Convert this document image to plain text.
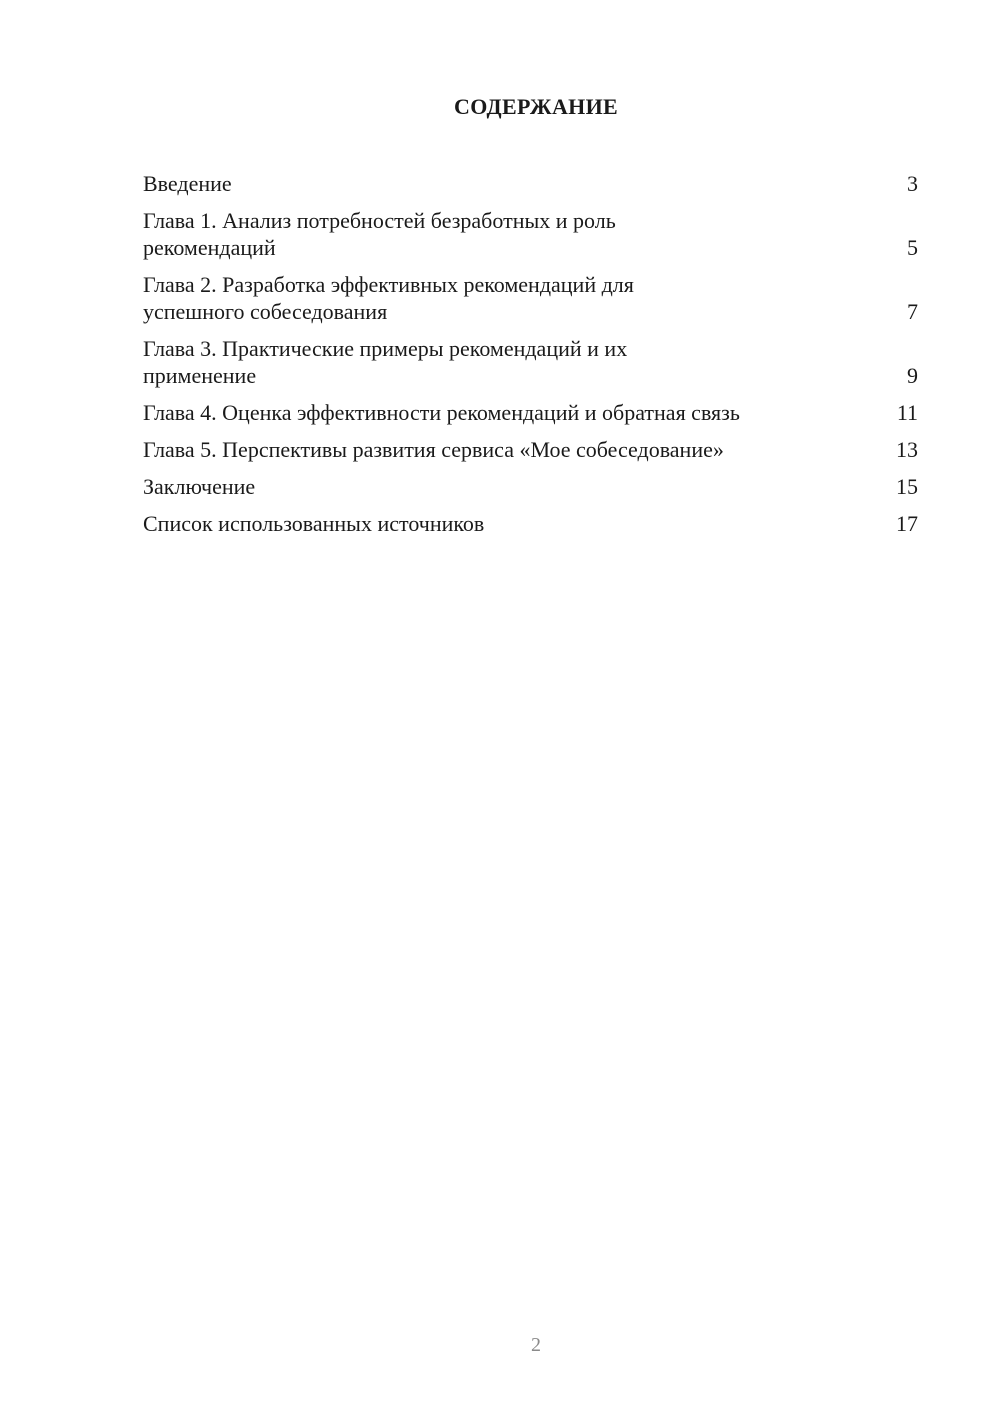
СОДЕРЖАНИЕ
Введение	3
Глава 1. Анализ потребностей безработных и роль рекомендаций	5
Глава 2. Разработка эффективных рекомендаций для успешного собеседования	7
Глава 3. Практические примеры рекомендаций и их применение	9
Глава 4. Оценка эффективности рекомендаций и обратная связь	11
Глава 5. Перспективы развития сервиса «Мое собеседование»	13
Заключение	15
Список использованных источников	17
2
